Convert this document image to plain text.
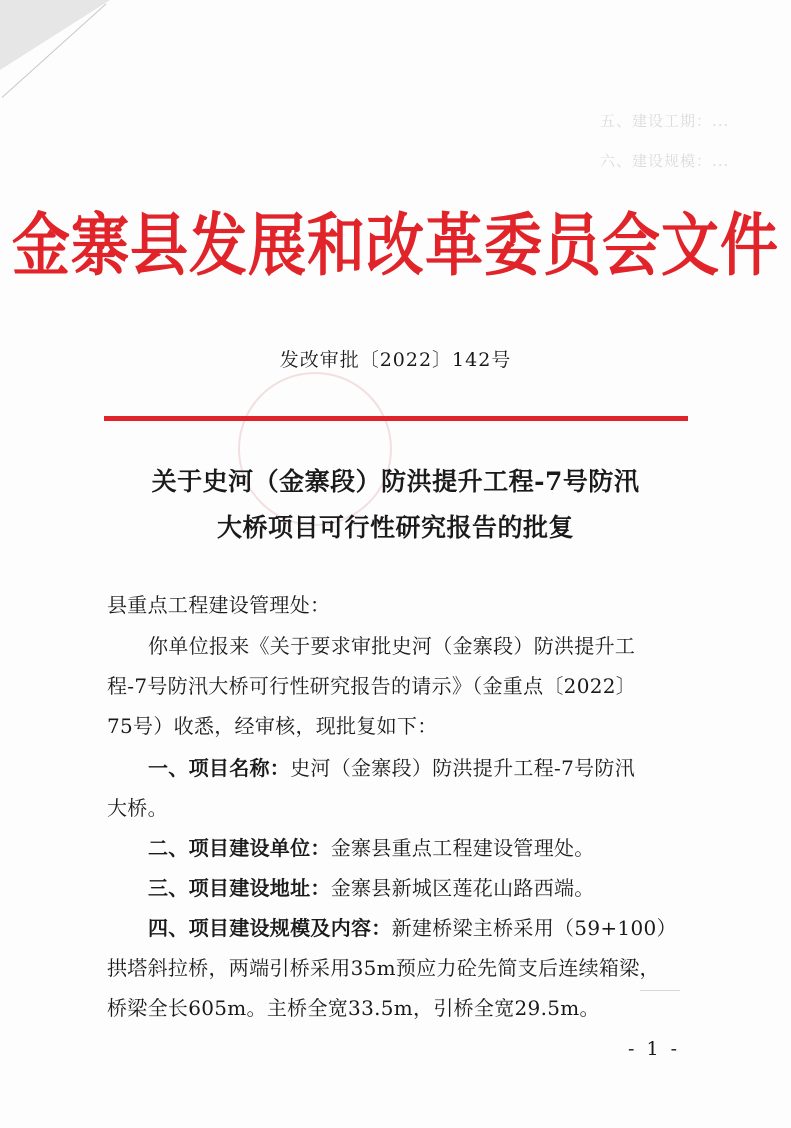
五、建设工期：...
六、建设规模：...
金寨县发展和改革委员会文件
发改审批〔2022〕142号
关于史河（金寨段）防洪提升工程-7号防汛
大桥项目可行性研究报告的批复
县重点工程建设管理处：
你单位报来《关于要求审批史河（金寨段）防洪提升工
程-7号防汛大桥可行性研究报告的请示》（金重点〔2022〕
75号）收悉，经审核，现批复如下：
一、项目名称：史河（金寨段）防洪提升工程-7号防汛
大桥。
二、项目建设单位：金寨县重点工程建设管理处。
三、项目建设地址：金寨县新城区莲花山路西端。
四、项目建设规模及内容：新建桥梁主桥采用（59+100）
拱塔斜拉桥，两端引桥采用35m预应力砼先简支后连续箱梁，
桥梁全长605m。主桥全宽33.5m，引桥全宽29.5m。
- 1 -
